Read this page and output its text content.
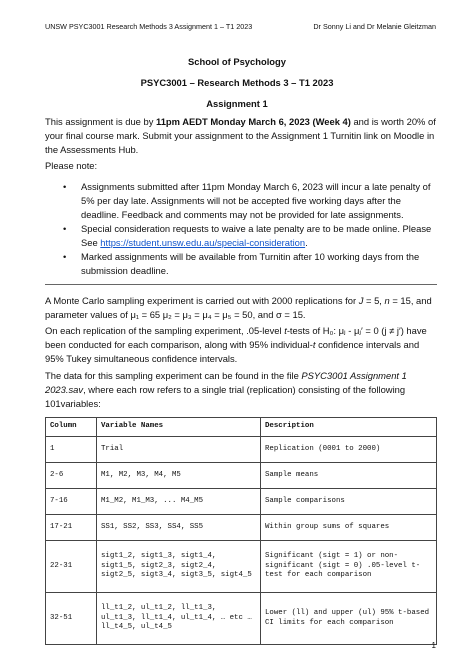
UNSW PSYC3001 Research Methods 3 Assignment 1 – T1 2023	Dr Sonny Li and Dr Melanie Gleitzman
School of Psychology
PSYC3001 – Research Methods 3 – T1 2023
Assignment 1
This assignment is due by 11pm AEDT Monday March 6, 2023 (Week 4) and is worth 20% of your final course mark. Submit your assignment to the Assignment 1 Turnitin link on Moodle in the Assessments Hub.
Please note:
• Assignments submitted after 11pm Monday March 6, 2023 will incur a late penalty of 5% per day late. Assignments will not be accepted five working days after the deadline. Feedback and comments may not be provided for late assignments.
• Special consideration requests to waive a late penalty are to be made online. Please See https://student.unsw.edu.au/special-consideration.
• Marked assignments will be available from Turnitin after 10 working days from the submission deadline.
A Monte Carlo sampling experiment is carried out with 2000 replications for J = 5, n = 15, and parameter values of μ₁ = 65 μ₂ = μ₃ = μ₄ = μ₅ = 50, and σ = 15.
On each replication of the sampling experiment, .05-level t-tests of H₀: μⱼ - μⱼ′ = 0 (j ≠ j′) have been conducted for each comparison, along with 95% individual-t confidence intervals and 95% Tukey simultaneous confidence intervals.
The data for this sampling experiment can be found in the file PSYC3001 Assignment 1 2023.sav, where each row refers to a single trial (replication) consisting of the following 101variables:
Column	Variable Names	Description
1	Trial	Replication (0001 to 2000)
2-6	M1, M2, M3, M4, M5	Sample means
7-16	M1_M2, M1_M3, ... M4_M5	Sample comparisons
17-21	SS1, SS2, SS3, SS4, SS5	Within group sums of squares
22-31	sigt1_2, sigt1_3, sigt1_4, sigt1_5, sigt2_3, sigt2_4, sigt2_5, sigt3_4, sigt3_5, sigt4_5	Significant (sigt = 1) or non-significant (sigt = 0) .05-level t-test for each comparison
32-51	ll_t1_2, ul_t1_2, ll_t1_3, ul_t1_3, ll_t1_4, ul_t1_4, … etc … ll_t4_5, ul_t4_5	Lower (ll) and upper (ul) 95% t-based CI limits for each comparison
1
